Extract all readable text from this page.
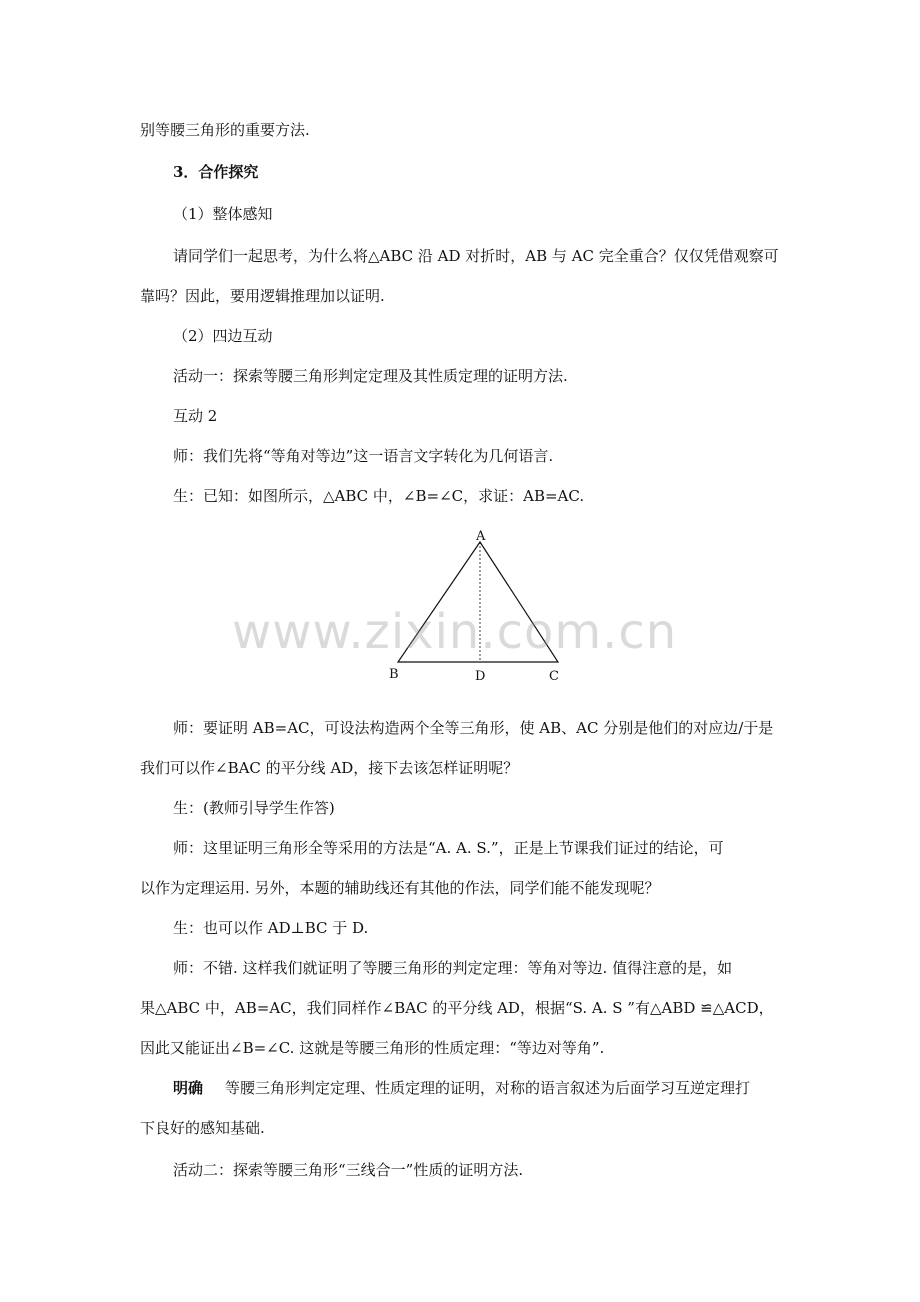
别等腰三角形的重要方法.
3．合作探究
（1）整体感知
请同学们一起思考，为什么将△ABC 沿 AD 对折时，AB 与 AC 完全重合？仅仅凭借观察可
靠吗？因此，要用逻辑推理加以证明.
（2）四边互动
活动一：探索等腰三角形判定定理及其性质定理的证明方法.
互动 2
师：我们先将“等角对等边”这一语言文字转化为几何语言.
生：已知：如图所示，△ABC 中，∠B=∠C，求证：AB=AC.
A
B	D	C
www.zixin.com.cn
师：要证明 AB=AC，可设法构造两个全等三角形，使 AB、AC 分别是他们的对应边/于是
我们可以作∠BAC 的平分线 AD，接下去该怎样证明呢？
生：(教师引导学生作答)
师：这里证明三角形全等采用的方法是“A. A. S.”，正是上节课我们证过的结论，可
以作为定理运用. 另外，本题的辅助线还有其他的作法，同学们能不能发现呢？
生：也可以作 AD⊥BC 于 D.
师：不错. 这样我们就证明了等腰三角形的判定定理：等角对等边. 值得注意的是，如
果△ABC 中，AB=AC，我们同样作∠BAC 的平分线 AD，根据“S. A. S ”有△ABD ≌△ACD，
因此又能证出∠B=∠C. 这就是等腰三角形的性质定理：“等边对等角”.
明确 等腰三角形判定定理、性质定理的证明，对称的语言叙述为后面学习互逆定理打
下良好的感知基础.
活动二：探索等腰三角形“三线合一”性质的证明方法.
